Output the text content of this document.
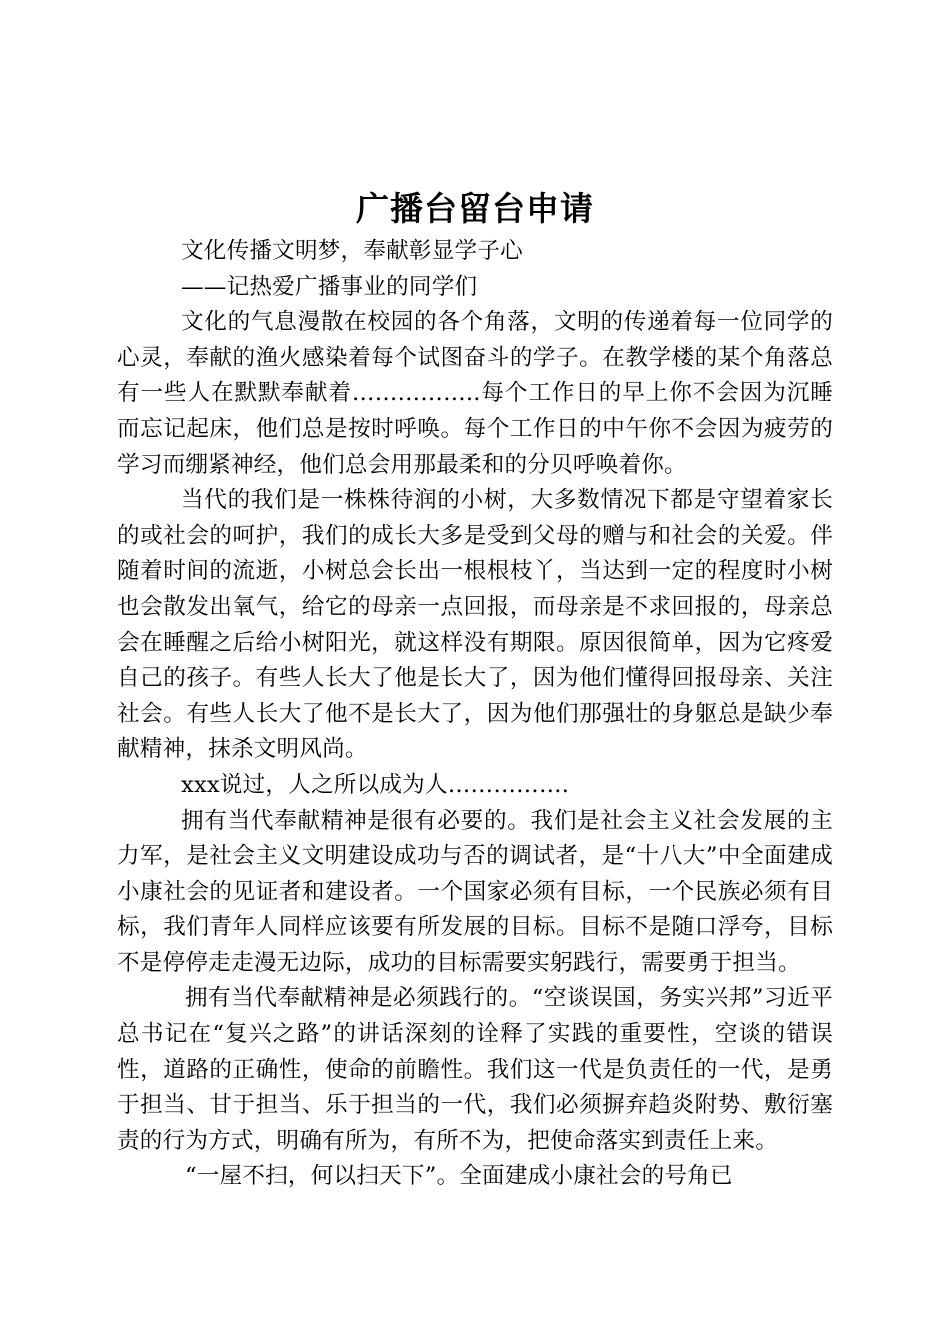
广播台留台申请

文化传播文明梦，奉献彰显学子心

——记热爱广播事业的同学们

文化的气息漫散在校园的各个角落，文明的传递着每一位同学的心灵，奉献的渔火感染着每个试图奋斗的学子。在教学楼的某个角落总有一些人在默默奉献着……………..每个工作日的早上你不会因为沉睡而忘记起床，他们总是按时呼唤。每个工作日的中午你不会因为疲劳的学习而绷紧神经，他们总会用那最柔和的分贝呼唤着你。

当代的我们是一株株待润的小树，大多数情况下都是守望着家长的或社会的呵护，我们的成长大多是受到父母的赠与和社会的关爱。伴随着时间的流逝，小树总会长出一根根枝丫，当达到一定的程度时小树也会散发出氧气，给它的母亲一点回报，而母亲是不求回报的，母亲总会在睡醒之后给小树阳光，就这样没有期限。原因很简单，因为它疼爱自己的孩子。有些人长大了他是长大了，因为他们懂得回报母亲、关注社会。有些人长大了他不是长大了，因为他们那强壮的身躯总是缺少奉献精神，抹杀文明风尚。

xxx说过，人之所以成为人…………….

拥有当代奉献精神是很有必要的。我们是社会主义社会发展的主力军，是社会主义文明建设成功与否的调试者，是“十八大”中全面建成小康社会的见证者和建设者。一个国家必须有目标，一个民族必须有目标，我们青年人同样应该要有所发展的目标。目标不是随口浮夸，目标不是停停走走漫无边际，成功的目标需要实躬践行，需要勇于担当。

拥有当代奉献精神是必须践行的。“空谈误国，务实兴邦”习近平总书记在“复兴之路”的讲话深刻的诠释了实践的重要性，空谈的错误性，道路的正确性，使命的前瞻性。我们这一代是负责任的一代，是勇于担当、甘于担当、乐于担当的一代，我们必须摒弃趋炎附势、敷衍塞责的行为方式，明确有所为，有所不为，把使命落实到责任上来。

“一屋不扫，何以扫天下”。全面建成小康社会的号角已
